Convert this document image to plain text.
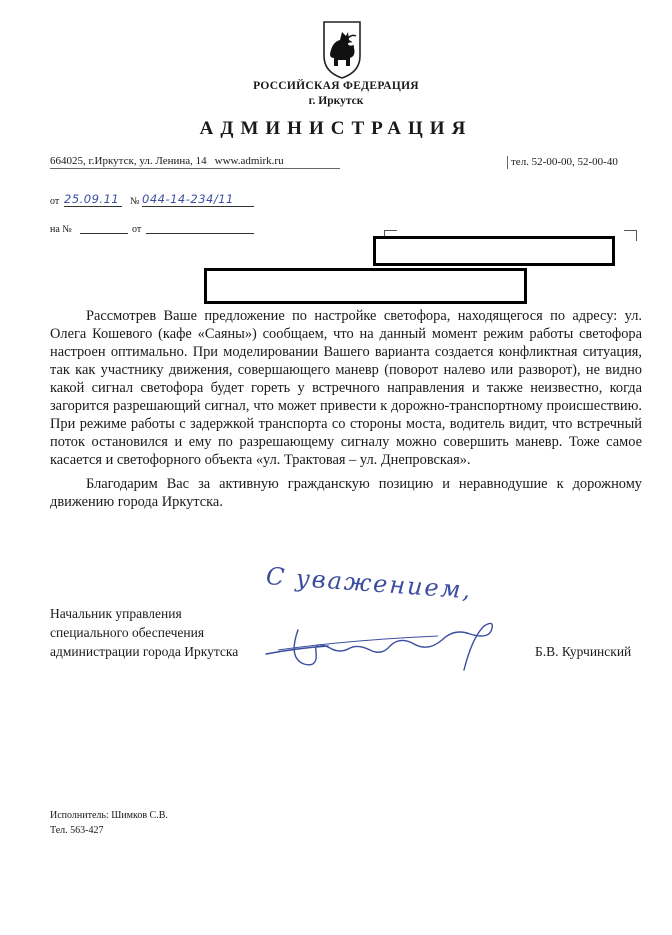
РОССИЙСКАЯ ФЕДЕРАЦИЯ
г. Иркутск
АДМИНИСТРАЦИЯ
664025, г.Иркутск, ул. Ленина, 14 www.admirk.ru	тел. 52-00-00, 52-00-40
от 25.09.11 № 044-14-234/11
на №	от

Рассмотрев Ваше предложение по настройке светофора, находящегося по адресу: ул. Олега Кошевого (кафе «Саяны») сообщаем, что на данный момент режим работы светофора настроен оптимально. При моделировании Вашего варианта создается конфликтная ситуация, так как участнику движения, совершающего маневр (поворот налево или разворот), не видно какой сигнал светофора будет гореть у встречного направления и также неизвестно, когда загорится разрешающий сигнал, что может привести к дорожно-транспортному происшествию. При режиме работы с задержкой транспорта со стороны моста, водитель видит, что встречный поток остановился и ему по разрешающему сигналу можно совершить маневр. Тоже самое касается и светофорного объекта «ул. Трактовая – ул. Днепровская».

Благодарим Вас за активную гражданскую позицию и неравнодушие к дорожному движению города Иркутска.

С уважением,
Начальник управления
специального обеспечения
администрации города Иркутска	Б.В. Курчинский
Исполнитель: Шимков С.В.
Тел. 563-427
